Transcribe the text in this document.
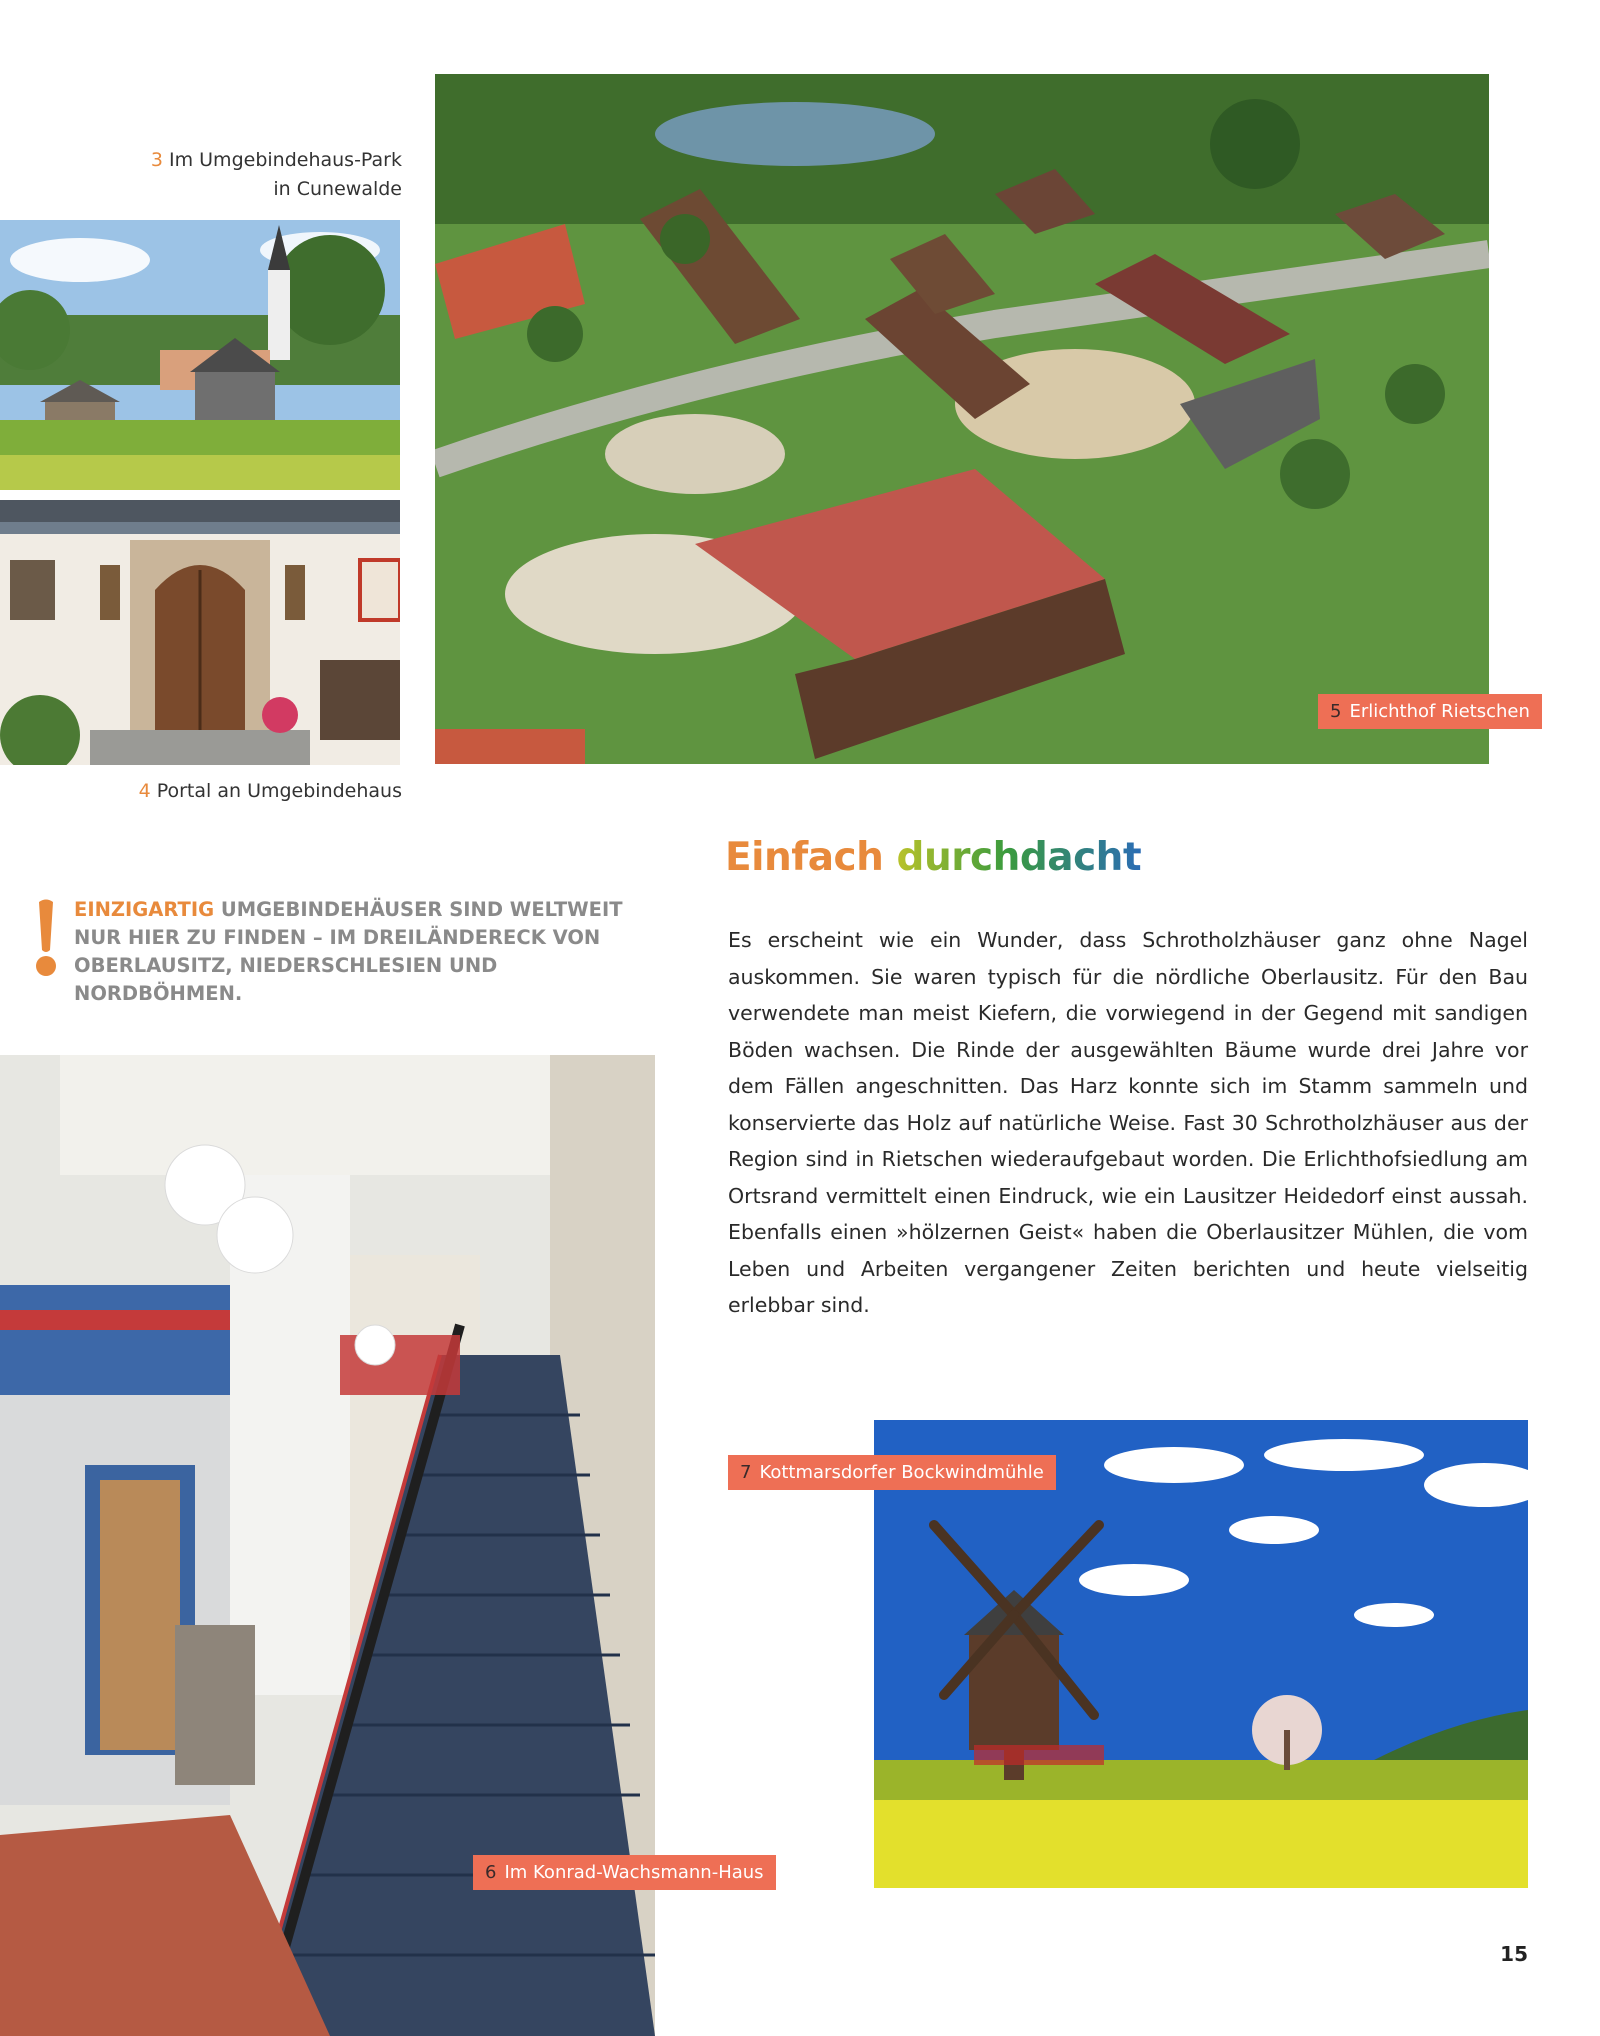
3 Im Umgebindehaus-Park
in Cunewalde
4 Portal an Umgebindehaus
5 Erlichthof Rietschen
6 Im Konrad-Wachsmann-Haus
7 Kottmarsdorfer Bockwindmühle
Einfach durchdacht
Es erscheint wie ein Wunder, dass Schrotholzhäuser ganz ohne Nagel auskommen. Sie waren typisch für die nördliche Oberlausitz. Für den Bau verwendete man meist Kiefern, die vorwiegend in der Gegend mit sandigen Böden wachsen. Die Rinde der ausgewählten Bäume wurde drei Jahre vor dem Fällen angeschnitten. Das Harz konnte sich im Stamm sammeln und konservierte das Holz auf natürliche Weise. Fast 30 Schrotholzhäuser aus der Region sind in Rietschen wiederaufgebaut worden. Die Erlichthofsiedlung am Ortsrand vermittelt einen Eindruck, wie ein Lausitzer Heidedorf einst aussah. Ebenfalls einen »hölzernen Geist« haben die Oberlausitzer Mühlen, die vom Leben und Arbeiten vergangener Zeiten berichten und heute vielseitig erlebbar sind.
EINZIGARTIG UMGEBINDEHÄUSER SIND WELTWEIT NUR HIER ZU FINDEN – IM DREILÄNDERECK VON OBERLAUSITZ, NIEDERSCHLESIEN UND NORDBÖHMEN.
15
